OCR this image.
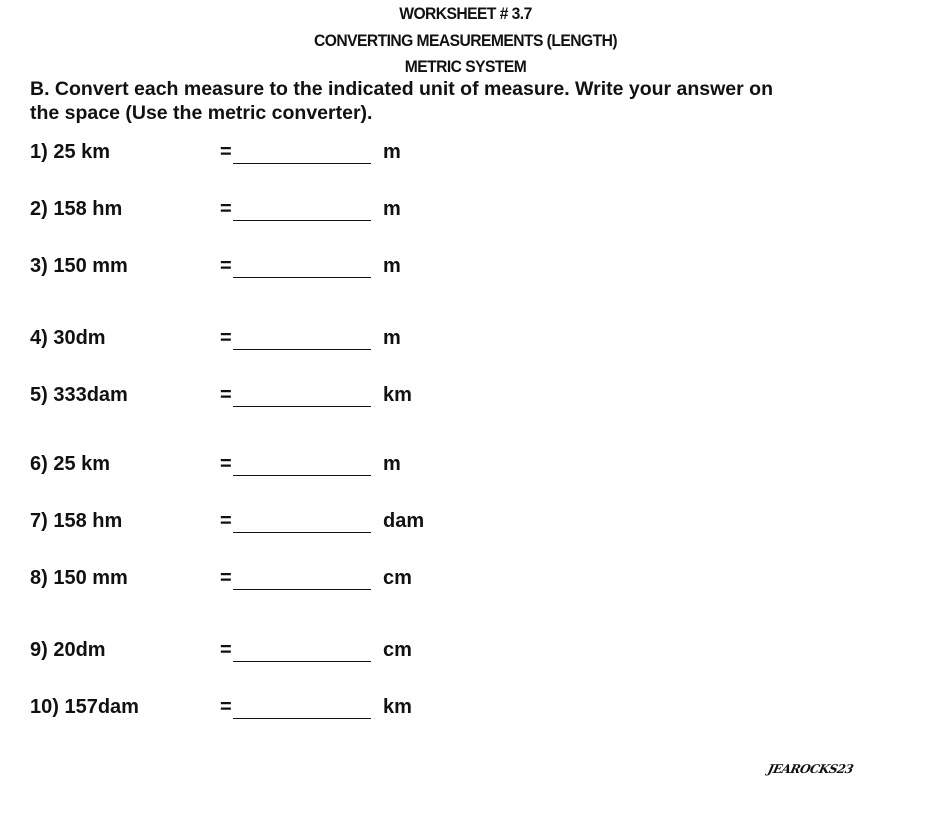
WORKSHEET # 3.7
CONVERTING MEASUREMENTS (LENGTH)
METRIC SYSTEM
B. Convert each measure to the indicated unit of measure. Write your answer on
the space (Use the metric converter).
1) 25 km	=	m
2) 158 hm	=	m
3) 150 mm	=	m
4) 30dm	=	m
5) 333dam	=	km
6) 25 km	=	m
7) 158 hm	=	dam
8) 150 mm	=	cm
9) 20dm	=	cm
10) 157dam	=	km
JEAROCKS23
